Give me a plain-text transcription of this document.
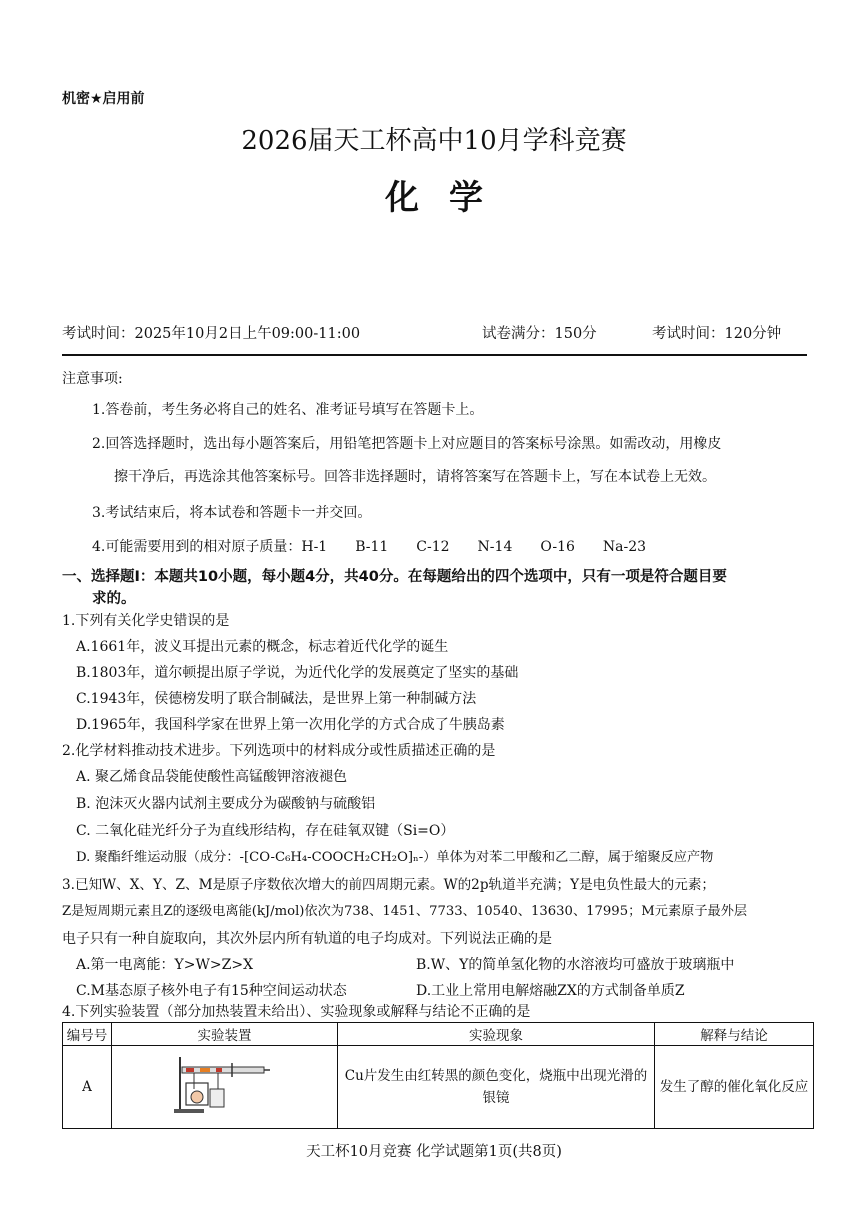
机密★启用前
2026届天工杯高中10月学科竞赛
化学
考试时间：2025年10月2日上午09:00-11:00	试卷满分：150分	考试时间：120分钟
注意事项:
1.答卷前，考生务必将自己的姓名、准考证号填写在答题卡上。
2.回答选择题时，选出每小题答案后，用铅笔把答题卡上对应题目的答案标号涂黑。如需改动，用橡皮
擦干净后，再选涂其他答案标号。回答非选择题时，请将答案写在答题卡上，写在本试卷上无效。
3.考试结束后，将本试卷和答题卡一并交回。
4.可能需要用到的相对原子质量：H-1　　B-11　　C-12　　N-14　　O-16　　Na-23
一、选择题Ⅰ：本题共10小题，每小题4分，共40分。在每题给出的四个选项中，只有一项是符合题目要
求的。
1.下列有关化学史错误的是
A.1661年，波义耳提出元素的概念，标志着近代化学的诞生
B.1803年，道尔顿提出原子学说，为近代化学的发展奠定了坚实的基础
C.1943年，侯德榜发明了联合制碱法，是世界上第一种制碱方法
D.1965年，我国科学家在世界上第一次用化学的方式合成了牛胰岛素
2.化学材料推动技术进步。下列选项中的材料成分或性质描述正确的是
A. 聚乙烯食品袋能使酸性高锰酸钾溶液褪色
B. 泡沫灭火器内试剂主要成分为碳酸钠与硫酸铝
C. 二氧化硅光纤分子为直线形结构，存在硅氧双键（Si=O）
D. 聚酯纤维运动服（成分：-[CO-C₆H₄-COOCH₂CH₂O]ₙ-）单体为对苯二甲酸和乙二醇，属于缩聚反应产物
3.已知W、X、Y、Z、M是原子序数依次增大的前四周期元素。W的2p轨道半充满；Y是电负性最大的元素；
Z是短周期元素且Z的逐级电离能(kJ/mol)依次为738、1451、7733、10540、13630、17995；M元素原子最外层
电子只有一种自旋取向，其次外层内所有轨道的电子均成对。下列说法正确的是
A.第一电离能：Y>W>Z>X	B.W、Y的简单氢化物的水溶液均可盛放于玻璃瓶中
C.M基态原子核外电子有15种空间运动状态	D.工业上常用电解熔融ZX的方式制备单质Z
4.下列实验装置（部分加热装置未给出）、实验现象或解释与结论不正确的是
编号号	实验装置	实验现象	解释与结论
A		Cu片发生由红转黑的颜色变化，烧瓶中出现光滑的银镜	发生了醇的催化氧化反应
天工杯10月竞赛 化学试题第1页(共8页)
